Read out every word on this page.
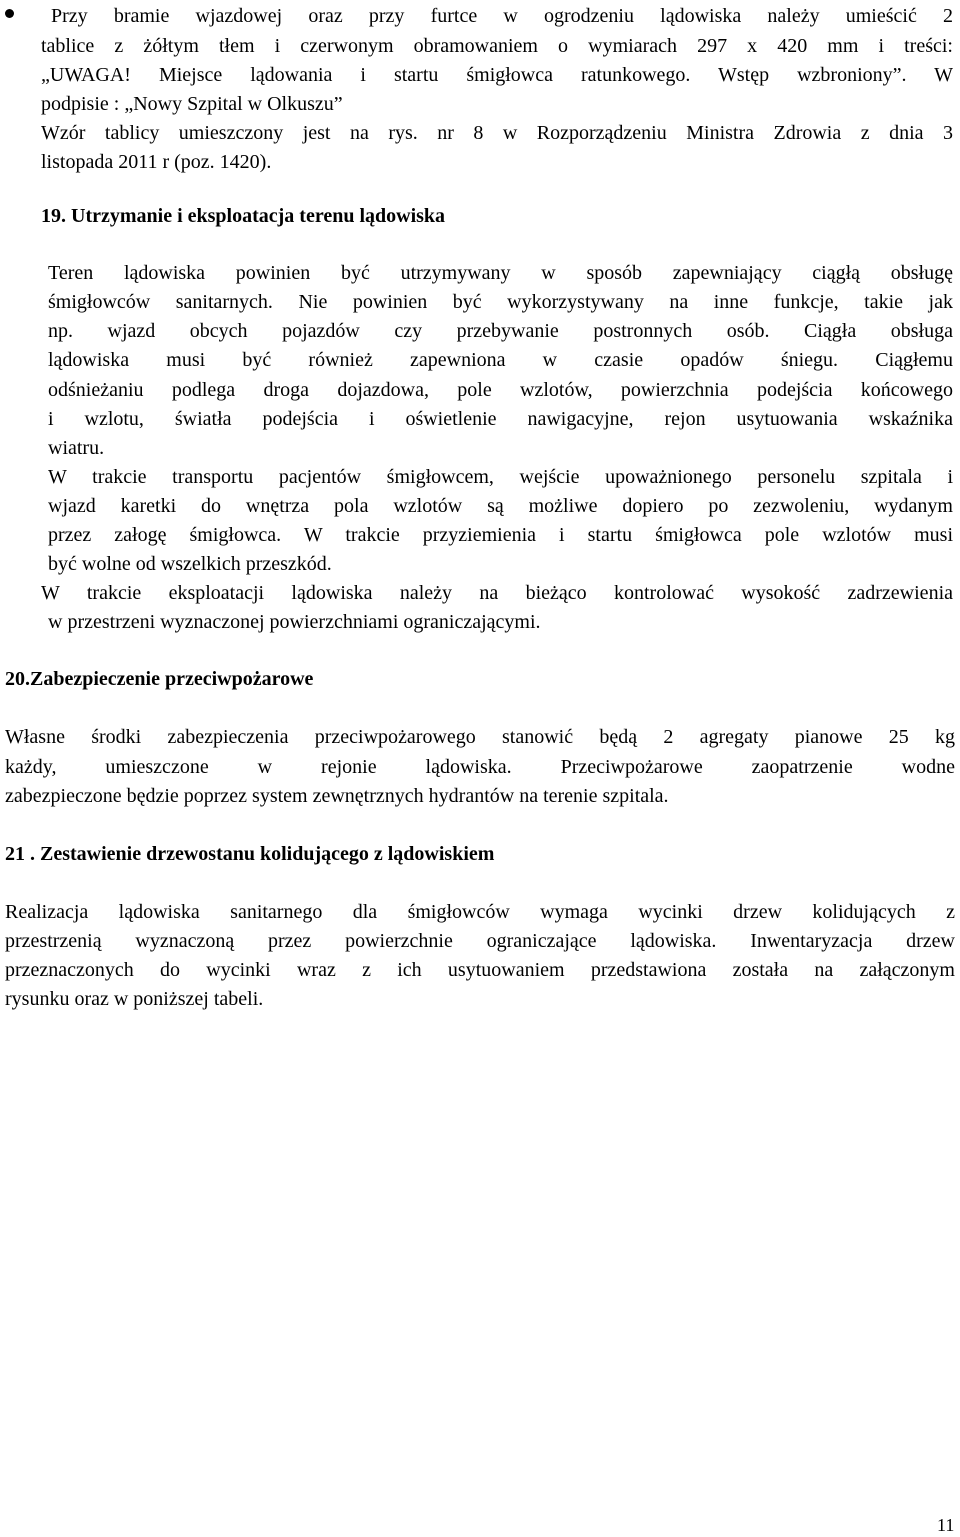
Przy bramie wjazdowej oraz przy furtce w ogrodzeniu lądowiska należy umieścić 2
tablice z żółtym tłem i czerwonym obramowaniem o wymiarach 297 x 420 mm i treści:
„UWAGA! Miejsce lądowania i startu śmigłowca ratunkowego. Wstęp wzbroniony”. W
podpisie : „Nowy Szpital w Olkuszu”
Wzór tablicy umieszczony jest na rys. nr 8 w Rozporządzeniu Ministra Zdrowia z dnia 3
listopada 2011 r (poz. 1420).
19. Utrzymanie i eksploatacja terenu lądowiska
Teren lądowiska powinien być utrzymywany w sposób zapewniający ciągłą obsługę
śmigłowców sanitarnych. Nie powinien być wykorzystywany na inne funkcje, takie jak
np. wjazd obcych pojazdów czy przebywanie postronnych osób. Ciągła obsługa
lądowiska musi być również zapewniona w czasie opadów śniegu. Ciągłemu
odśnieżaniu podlega droga dojazdowa, pole wzlotów, powierzchnia podejścia końcowego
i wzlotu, światła podejścia i oświetlenie nawigacyjne, rejon usytuowania wskaźnika
wiatru.
W trakcie transportu pacjentów śmigłowcem, wejście upoważnionego personelu szpitala i
wjazd karetki do wnętrza pola wzlotów są możliwe dopiero po zezwoleniu, wydanym
przez załogę śmigłowca. W trakcie przyziemienia i startu śmigłowca pole wzlotów musi
być wolne od wszelkich przeszkód.
W trakcie eksploatacji lądowiska należy na bieżąco kontrolować wysokość zadrzewienia
w przestrzeni wyznaczonej powierzchniami ograniczającymi.
20.Zabezpieczenie przeciwpożarowe
Własne środki zabezpieczenia przeciwpożarowego stanowić będą 2 agregaty pianowe 25 kg
każdy, umieszczone w rejonie lądowiska. Przeciwpożarowe zaopatrzenie wodne
zabezpieczone będzie poprzez system zewnętrznych hydrantów na terenie szpitala.
21 . Zestawienie drzewostanu kolidującego z lądowiskiem
Realizacja lądowiska sanitarnego dla śmigłowców wymaga wycinki drzew kolidujących z
przestrzenią wyznaczoną przez powierzchnie ograniczające lądowiska. Inwentaryzacja drzew
przeznaczonych do wycinki wraz z ich usytuowaniem przedstawiona została na załączonym
rysunku oraz w poniższej tabeli.
11
